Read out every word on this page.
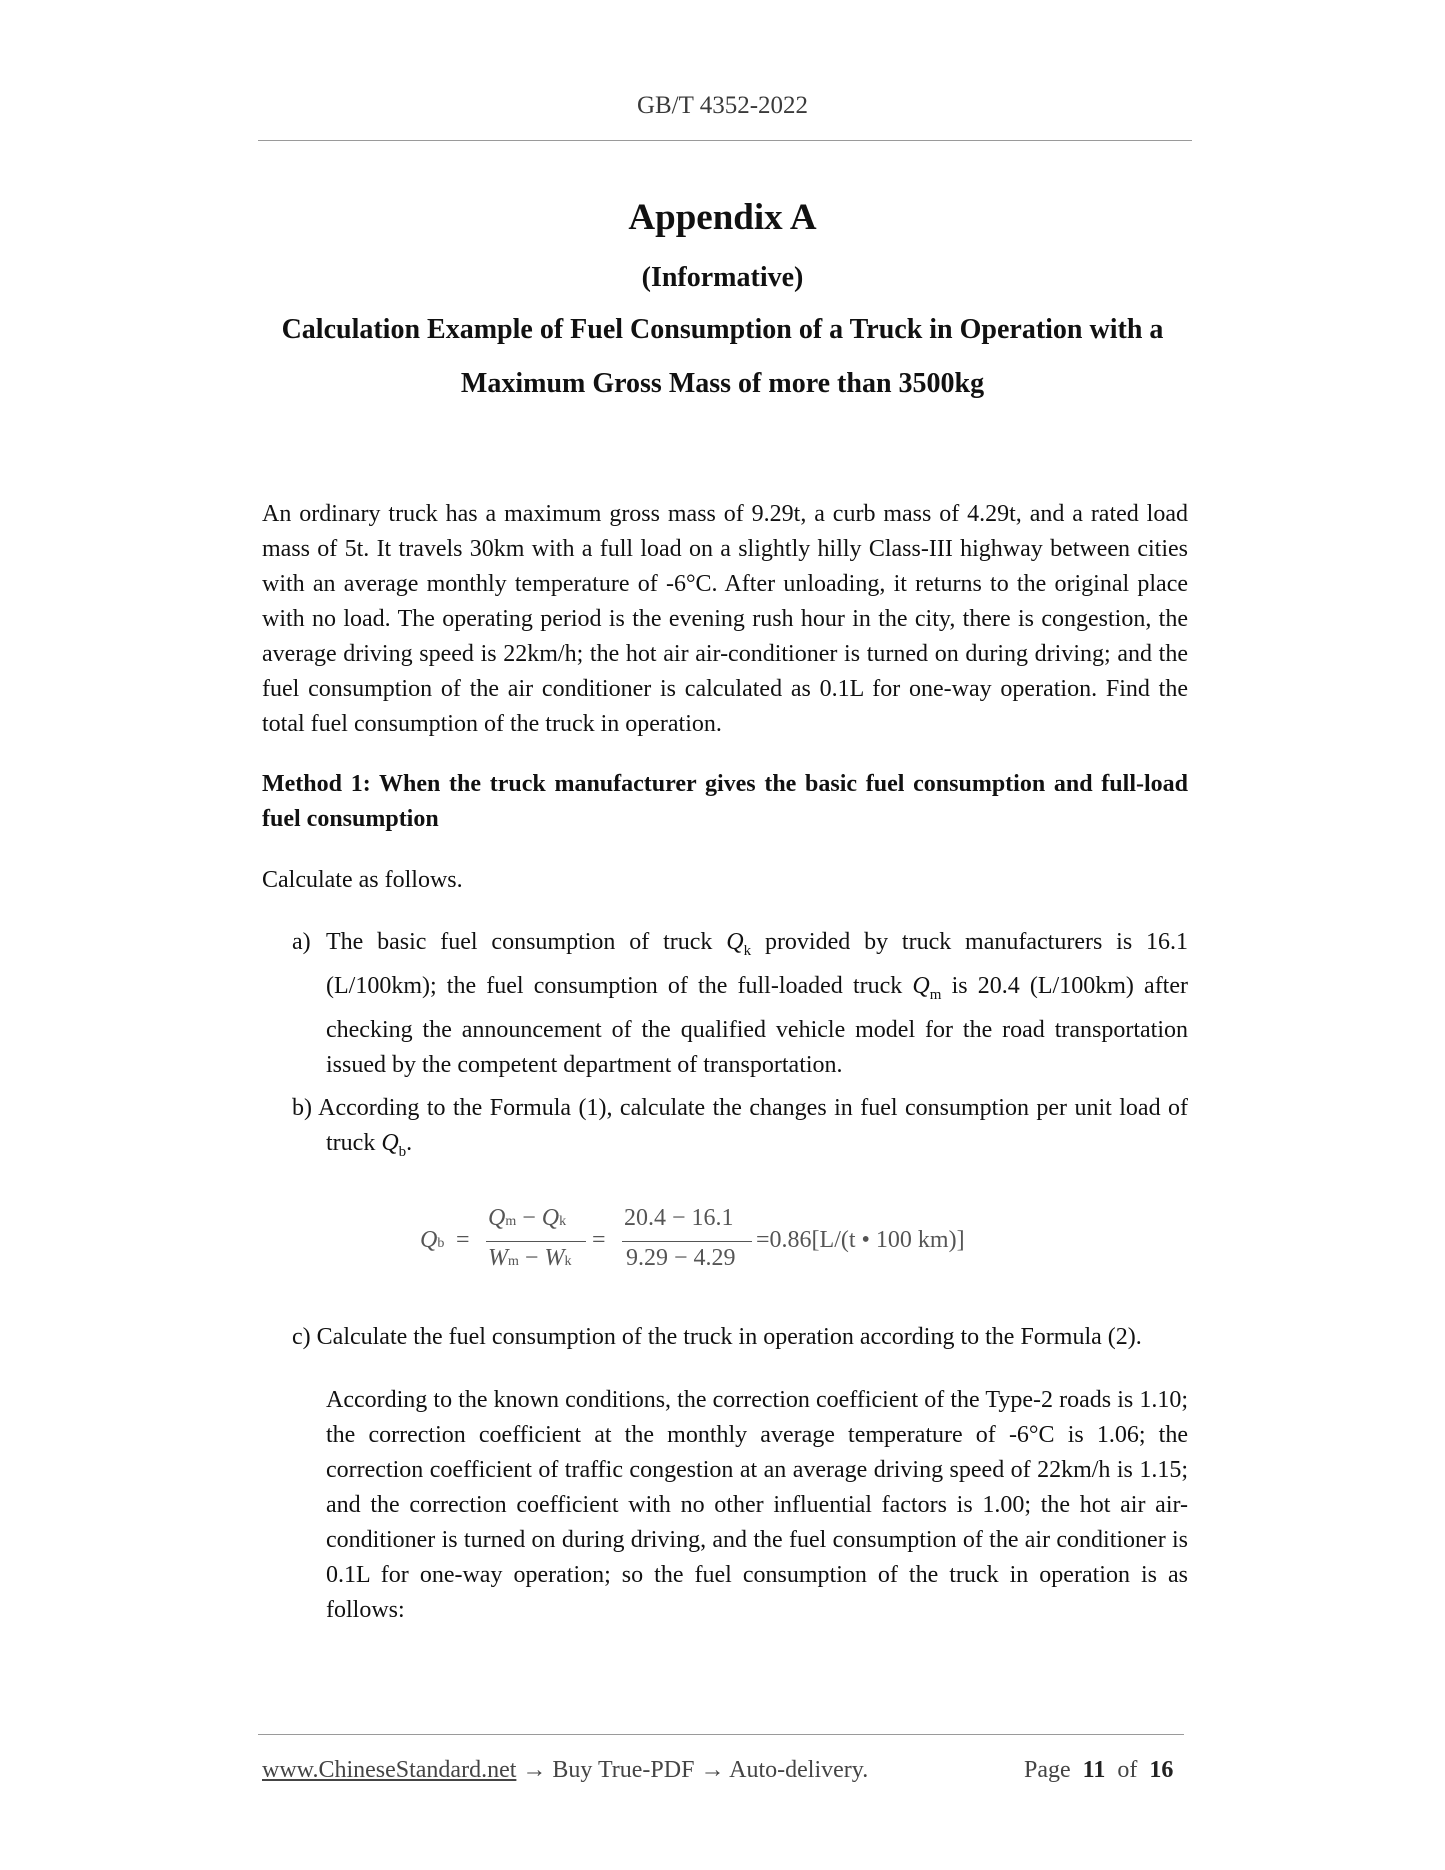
GB/T 4352-2022
Appendix A
(Informative)
Calculation Example of Fuel Consumption of a Truck in Operation with a
Maximum Gross Mass of more than 3500kg

An ordinary truck has a maximum gross mass of 9.29t, a curb mass of 4.29t, and a rated load mass of 5t. It travels 30km with a full load on a slightly hilly Class-III highway between cities with an average monthly temperature of -6°C. After unloading, it returns to the original place with no load. The operating period is the evening rush hour in the city, there is congestion, the average driving speed is 22km/h; the hot air air-conditioner is turned on during driving; and the fuel consumption of the air conditioner is calculated as 0.1L for one-way operation. Find the total fuel consumption of the truck in operation.

Method 1: When the truck manufacturer gives the basic fuel consumption and full-load fuel consumption

Calculate as follows.

a) The basic fuel consumption of truck $Q_k$ provided by truck manufacturers is 16.1 (L/100km); the fuel consumption of the full-loaded truck $Q_m$ is 20.4 (L/100km) after checking the announcement of the qualified vehicle model for the road transportation issued by the competent department of transportation.
b) According to the Formula (1), calculate the changes in fuel consumption per unit load of truck $Q_b$.
Qb =
Qm − Qk
Wm − Wk
=
20.4 − 16.1
9.29 − 4.29
=0.86[L/(t • 100 km)]
c) Calculate the fuel consumption of the truck in operation according to the Formula (2).

According to the known conditions, the correction coefficient of the Type-2 roads is 1.10; the correction coefficient at the monthly average temperature of -6°C is 1.06; the correction coefficient of traffic congestion at an average driving speed of 22km/h is 1.15; and the correction coefficient with no other influential factors is 1.00; the hot air air-conditioner is turned on during driving, and the fuel consumption of the air conditioner is 0.1L for one-way operation; so the fuel consumption of the truck in operation is as follows:

www.ChineseStandard.net → Buy True-PDF → Auto-delivery.	Page 11 of 16
